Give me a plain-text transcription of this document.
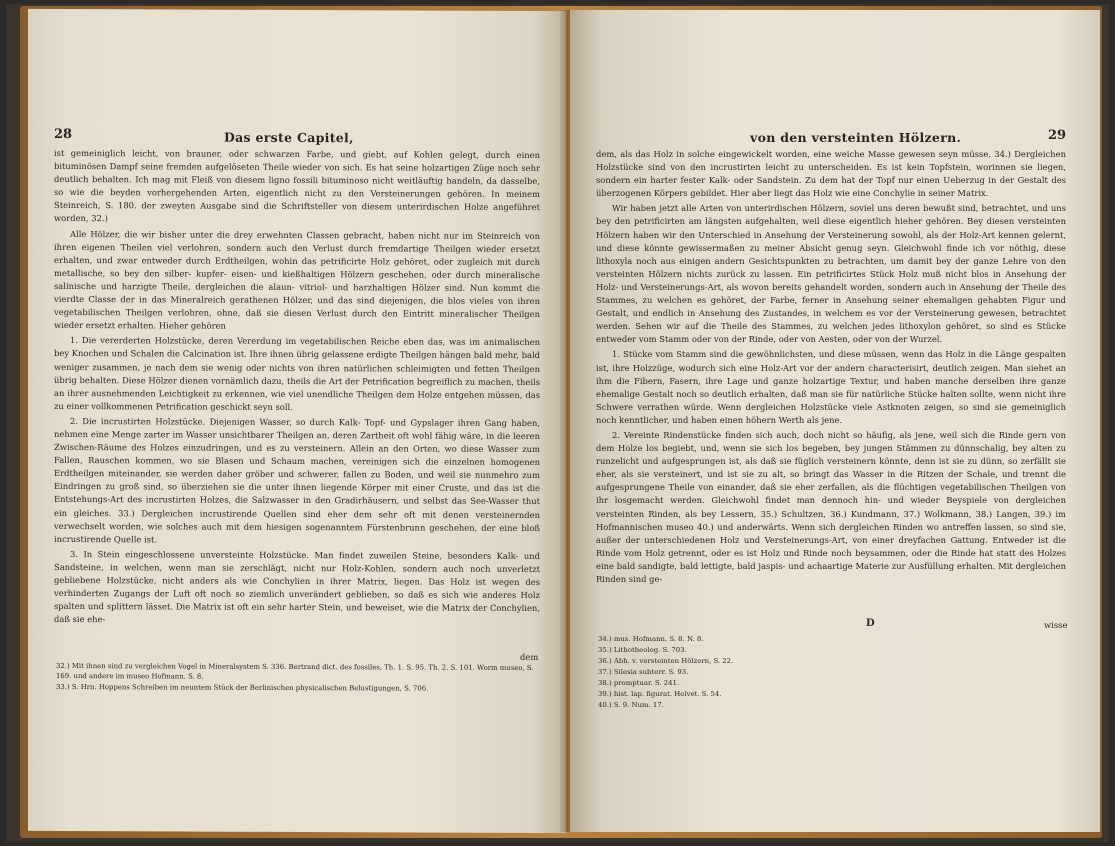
28	Das erste Capitel,

ist gemeiniglich leicht, von brauner, oder schwarzen Farbe, und giebt, auf Kohlen gelegt, durch einen bituminösen Dampf seine fremden aufgelöseten Theile wieder von sich. Es hat seine holzartigen Züge noch sehr deutlich behalten. Ich mag mit Fleiß von diesem ligno fossili bituminoso nicht weitläuftig handeln, da dasselbe, so wie die beyden vorhergehenden Arten, eigentlich nicht zu den Versteinerungen gehören. In meinem Steinreich, S. 180. der zweyten Ausgabe sind die Schriftsteller von diesem unterirdischen Holze angeführet worden, 32.)

Alle Hölzer, die wir bisher unter die drey erwehnten Classen gebracht, haben nicht nur im Steinreich von ihren eigenen Theilen viel verlohren, sondern auch den Verlust durch fremdartige Theilgen wieder ersetzt erhalten, und zwar entweder durch Erdtheilgen, wohin das petrificirte Holz gehöret, oder zugleich mit durch metallische, so bey den silber- kupfer- eisen- und kießhaltigen Hölzern geschehen, oder durch mineralische salinische und harzigte Theile, dergleichen die alaun- vitriol- und harzhaltigen Hölzer sind. Nun kommt die vierdte Classe der in das Mineralreich gerathenen Hölzer, und das sind diejenigen, die blos vieles von ihren vegetabilischen Theilgen verlohren, ohne, daß sie diesen Verlust durch den Eintritt mineralischer Theilgen wieder ersetzt erhalten. Hieher gehören

1. Die vererderten Holzstücke, deren Vererdung im vegetabilischen Reiche eben das, was im animalischen bey Knochen und Schalen die Calcination ist. Ihre ihnen übrig gelassene erdigte Theilgen hängen bald mehr, bald weniger zusammen, je nach dem sie wenig oder nichts von ihren natürlichen schleimigten und fetten Theilgen übrig behalten. Diese Hölzer dienen vornämlich dazu, theils die Art der Petrification begreiflich zu machen, theils an ihrer ausnehmenden Leichtigkeit zu erkennen, wie viel unendliche Theilgen dem Holze entgehen müssen, das zu einer vollkommenen Petrification geschickt seyn soll.

2. Die incrustirten Holzstücke. Diejenigen Wasser, so durch Kalk- Topf- und Gypslager ihren Gang haben, nehmen eine Menge zarter im Wasser unsichtbarer Theilgen an, deren Zartheit oft wohl fähig wäre, in die leeren Zwischen-Räume des Holzes einzudringen, und es zu versteinern. Allein an den Orten, wo diese Wasser zum Fallen, Rauschen kommen, wo sie Blasen und Schaum machen, vereinigen sich die einzelnen homogenen Erdtheilgen miteinander, sie werden daher gröber und schwerer, fallen zu Boden, und weil sie nunmehro zum Eindringen zu groß sind, so überziehen sie die unter ihnen liegende Körper mit einer Cruste, und das ist die Entstehungs-Art des incrustirten Holzes, die Salzwasser in den Gradirhäusern, und selbst das See-Wasser thut ein gleiches. 33.) Dergleichen incrustirende Quellen sind eher dem sehr oft mit denen versteinernden verwechselt worden, wie solches auch mit dem hiesigen sogenanntem Fürstenbrunn geschehen, der eine bloß incrustirende Quelle ist.

3. In Stein eingeschlossene unversteinte Holzstücke. Man findet zuweilen Steine, besonders Kalk- und Sandsteine, in welchen, wenn man sie zerschlägt, nicht nur Holz-Kohlen, sondern auch noch unverletzt gebliebene Holzstücke, nicht anders als wie Conchylien in ihrer Matrix, liegen. Das Holz ist wegen des verhinderten Zugangs der Luft oft noch so ziemlich unverändert geblieben, so daß es sich wie anderes Holz spalten und splittern lässet. Die Matrix ist oft ein sehr harter Stein, und beweiset, wie die Matrix der Conchylien, daß sie ehe-

dem
32.) Mit ihnen sind zu vergleichen Vogel in Mineralsystem S. 336. Bertrand dict. des fossiles, Th. 1. S. 95. Th. 2. S. 101. Worm museo, S. 169. und andere im museo Hofmann. S. 8.
33.) S. Hrn. Hoppens Schreiben im neuntem Stück der Berlinischen physicalischen Belustigungen, S. 706.
von den versteinten Hölzern.	29

dem, als das Holz in solche eingewickelt worden, eine weiche Masse gewesen seyn müsse. 34.) Dergleichen Holzstücke sind von den incrustirten leicht zu unterscheiden. Es ist kein Topfstein, worinnen sie liegen, sondern ein harter fester Kalk- oder Sandstein. Zu dem hat der Topf nur einen Ueberzug in der Gestalt des überzogenen Körpers gebildet. Hier aber liegt das Holz wie eine Conchylie in seiner Matrix.

Wir haben jetzt alle Arten von unterirdischen Hölzern, soviel uns deren bewußt sind, betrachtet, und uns bey den petrificirten am längsten aufgehalten, weil diese eigentlich hieher gehören. Bey diesen versteinten Hölzern haben wir den Unterschied in Ansehung der Versteinerung sowohl, als der Holz-Art kennen gelernt, und diese könnte gewissermaßen zu meiner Absicht genug seyn. Gleichwohl finde ich vor nöthig, diese lithoxyla noch aus einigen andern Gesichtspunkten zu betrachten, um damit bey der ganze Lehre von den versteinten Hölzern nichts zurück zu lassen. Ein petrificirtes Stück Holz muß nicht blos in Ansehung der Holz- und Versteinerungs-Art, als wovon bereits gehandelt worden, sondern auch in Ansehung der Theile des Stammes, zu welchen es gehöret, der Farbe, ferner in Ansehung seiner ehemaligen gehabten Figur und Gestalt, und endlich in Ansehung des Zustandes, in welchem es vor der Versteinerung gewesen, betrachtet werden. Sehen wir auf die Theile des Stammes, zu welchen jedes lithoxylon gehöret, so sind es Stücke entweder vom Stamm oder von der Rinde, oder von Aesten, oder von der Wurzel.

1. Stücke vom Stamm sind die gewöhnlichsten, und diese müssen, wenn das Holz in die Länge gespalten ist, ihre Holzzüge, wodurch sich eine Holz-Art vor der andern characterisirt, deutlich zeigen. Man siehet an ihm die Fibern, Fasern, ihre Lage und ganze holzartige Textur, und haben manche derselben ihre ganze ehemalige Gestalt noch so deutlich erhalten, daß man sie für natürliche Stücke halten sollte, wenn nicht ihre Schwere verrathen würde. Wenn dergleichen Holzstücke viele Astknoten zeigen, so sind sie gemeiniglich noch kenntlicher, und haben einen höhern Werth als jene.

2. Vereinte Rindenstücke finden sich auch, doch nicht so häufig, als jene, weil sich die Rinde gern von dem Holze los begiebt, und, wenn sie sich los begeben, bey jungen Stämmen zu dünnschalig, bey alten zu runzelicht und aufgesprungen ist, als daß sie füglich versteinern könnte, denn ist sie zu dünn, so zerfällt sie eher, als sie versteinert, und ist sie zu alt, so bringt das Wasser in die Ritzen der Schale, und trennt die aufgesprungene Theile von einander, daß sie eher zerfallen, als die flüchtigen vegetabilischen Theilgen von ihr losgemacht werden. Gleichwohl findet man dennoch hin- und wieder Beyspiele von dergleichen versteinten Rinden, als bey Lessern, 35.) Schultzen, 36.) Kundmann, 37.) Wolkmann, 38.) Langen, 39.) im Hofmannischen museo 40.) und anderwärts. Wenn sich dergleichen Rinden wo antreffen lassen, so sind sie, außer der unterschiedenen Holz und Versteinerungs-Art, von einer dreyfachen Gattung. Entweder ist die Rinde vom Holz getrennt, oder es ist Holz und Rinde noch beysammen, oder die Rinde hat statt des Holzes eine bald sandigte, bald lettigte, bald jaspis- und achaartige Materie zur Ausfüllung erhalten. Mit dergleichen Rinden sind ge-

D	wisse
34.) mus. Hofmann. S. 8. N. 8.
35.) Lithotheolog. S. 703.
36.) Abh. v. versteinten Hölzern, S. 22.
37.) Silesia subterr. S. 93.
38.) promptuar. S. 241.
39.) hist. lap. figurat. Helvet. S. 54.
40.) S. 9. Num. 17.
